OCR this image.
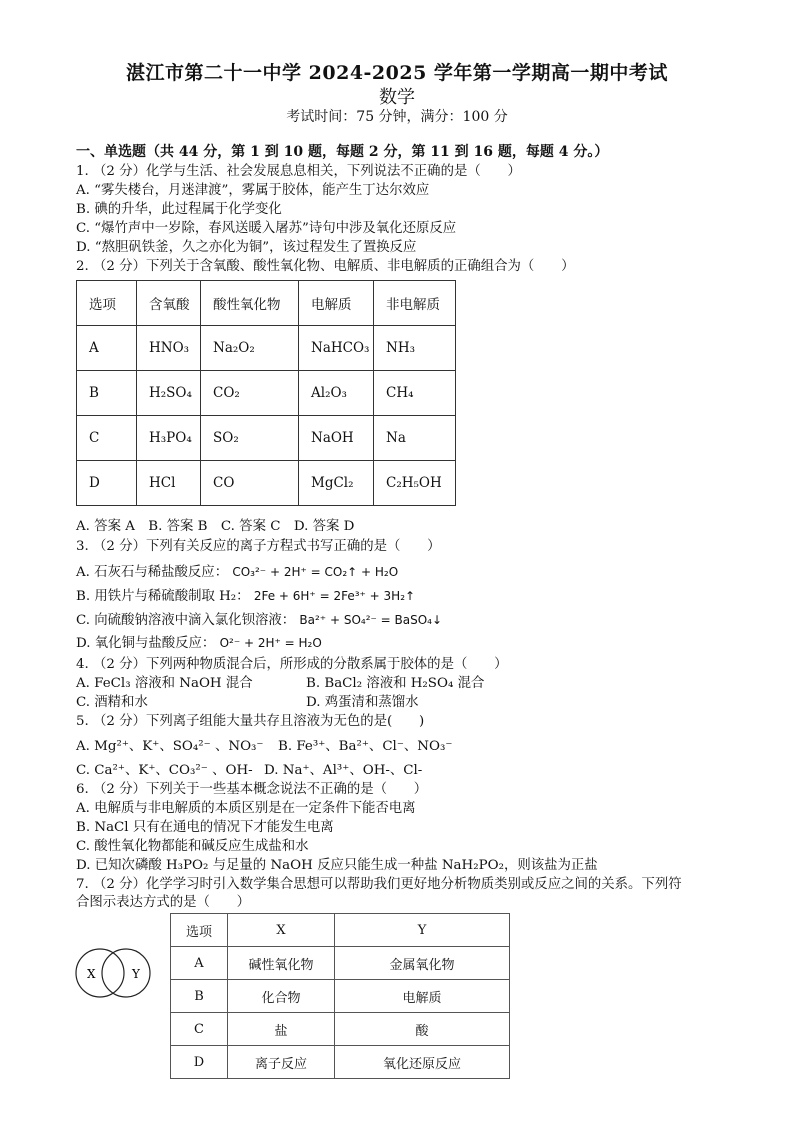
湛江市第二十一中学 2024-2025 学年第一学期高一期中考试
数学
考试时间：75 分钟，满分：100 分
一、单选题（共 44 分，第 1 到 10 题，每题 2 分，第 11 到 16 题，每题 4 分。）
1. （2 分）化学与生活、社会发展息息相关，下列说法不正确的是（　　）
A. “雾失楼台，月迷津渡”，雾属于胶体，能产生丁达尔效应
B. 碘的升华，此过程属于化学变化
C. “爆竹声中一岁除，春风送暖入屠苏”诗句中涉及氧化还原反应
D. “熬胆矾铁釜，久之亦化为铜”，该过程发生了置换反应
2. （2 分）下列关于含氧酸、酸性氧化物、电解质、非电解质的正确组合为（　　）
选项	含氧酸	酸性氧化物	电解质	非电解质
A	HNO₃	Na₂O₂	NaHCO₃	NH₃
B	H₂SO₄	CO₂	Al₂O₃	CH₄
C	H₃PO₄	SO₂	NaOH	Na
D	HCl	CO	MgCl₂	C₂H₅OH
A. 答案 A　B. 答案 B　C. 答案 C　D. 答案 D
3. （2 分）下列有关反应的离子方程式书写正确的是（　　）
A. 石灰石与稀盐酸反应： CO₃²⁻ + 2H⁺ = CO₂↑ + H₂O
B. 用铁片与稀硫酸制取 H₂： 2Fe + 6H⁺ = 2Fe³⁺ + 3H₂↑
C. 向硫酸钠溶液中滴入氯化钡溶液： Ba²⁺ + SO₄²⁻ = BaSO₄↓
D. 氧化铜与盐酸反应： O²⁻ + 2H⁺ = H₂O
4. （2 分）下列两种物质混合后，所形成的分散系属于胶体的是（　　）
A. FeCl₃ 溶液和 NaOH 混合	B. BaCl₂ 溶液和 H₂SO₄ 混合
C. 酒精和水	D. 鸡蛋清和蒸馏水
5. （2 分）下列离子组能大量共存且溶液为无色的是(　　)
A. Mg²⁺、K⁺、SO₄²⁻ 、NO₃⁻ B. Fe³⁺、Ba²⁺、Cl⁻、NO₃⁻
C. Ca²⁺、K⁺、CO₃²⁻ 、OH- D. Na⁺、Al³⁺、OH-、Cl-
6. （2 分）下列关于一些基本概念说法不正确的是（　　）
A. 电解质与非电解质的本质区别是在一定条件下能否电离
B. NaCl 只有在通电的情况下才能发生电离
C. 酸性氧化物都能和碱反应生成盐和水
D. 已知次磷酸 H₃PO₂ 与足量的 NaOH 反应只能生成一种盐 NaH₂PO₂，则该盐为正盐
7. （2 分）化学学习时引入数学集合思想可以帮助我们更好地分析物质类别或反应之间的关系。下列符
合图示表达方式的是（　　）
X	Y
选项	X	Y
A	碱性氧化物	金属氧化物
B	化合物	电解质
C	盐	酸
D	离子反应	氧化还原反应
